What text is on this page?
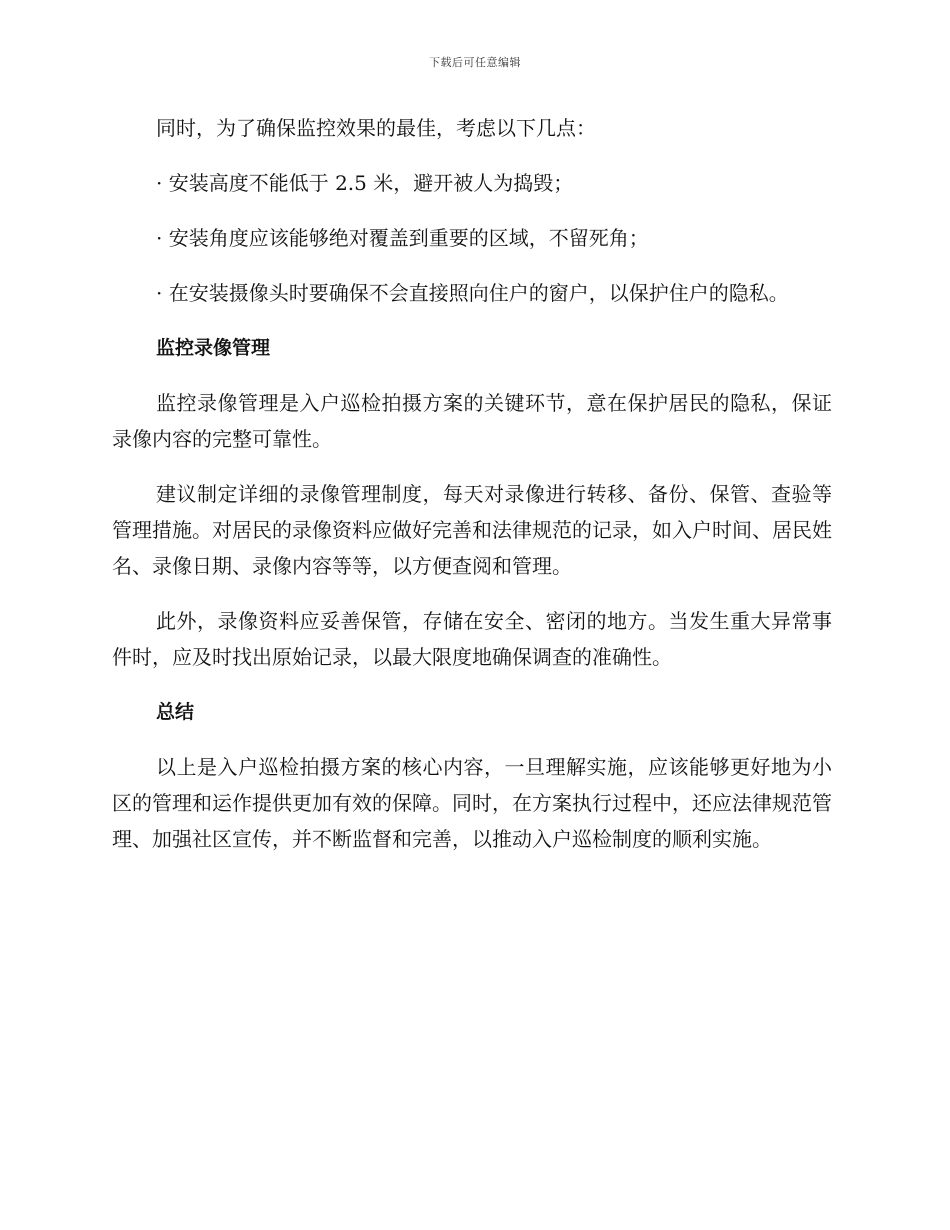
下载后可任意编辑

同时，为了确保监控效果的最佳，考虑以下几点：

· 安装高度不能低于 2.5 米，避开被人为捣毁；

· 安装角度应该能够绝对覆盖到重要的区域，不留死角；

· 在安装摄像头时要确保不会直接照向住户的窗户，以保护住户的隐私。

监控录像管理

监控录像管理是入户巡检拍摄方案的关键环节，意在保护居民的隐私，保证录像内容的完整可靠性。

建议制定详细的录像管理制度，每天对录像进行转移、备份、保管、查验等管理措施。对居民的录像资料应做好完善和法律规范的记录，如入户时间、居民姓名、录像日期、录像内容等等，以方便查阅和管理。

此外，录像资料应妥善保管，存储在安全、密闭的地方。当发生重大异常事件时，应及时找出原始记录，以最大限度地确保调查的准确性。

总结

以上是入户巡检拍摄方案的核心内容，一旦理解实施，应该能够更好地为小区的管理和运作提供更加有效的保障。同时，在方案执行过程中，还应法律规范管理、加强社区宣传，并不断监督和完善，以推动入户巡检制度的顺利实施。
